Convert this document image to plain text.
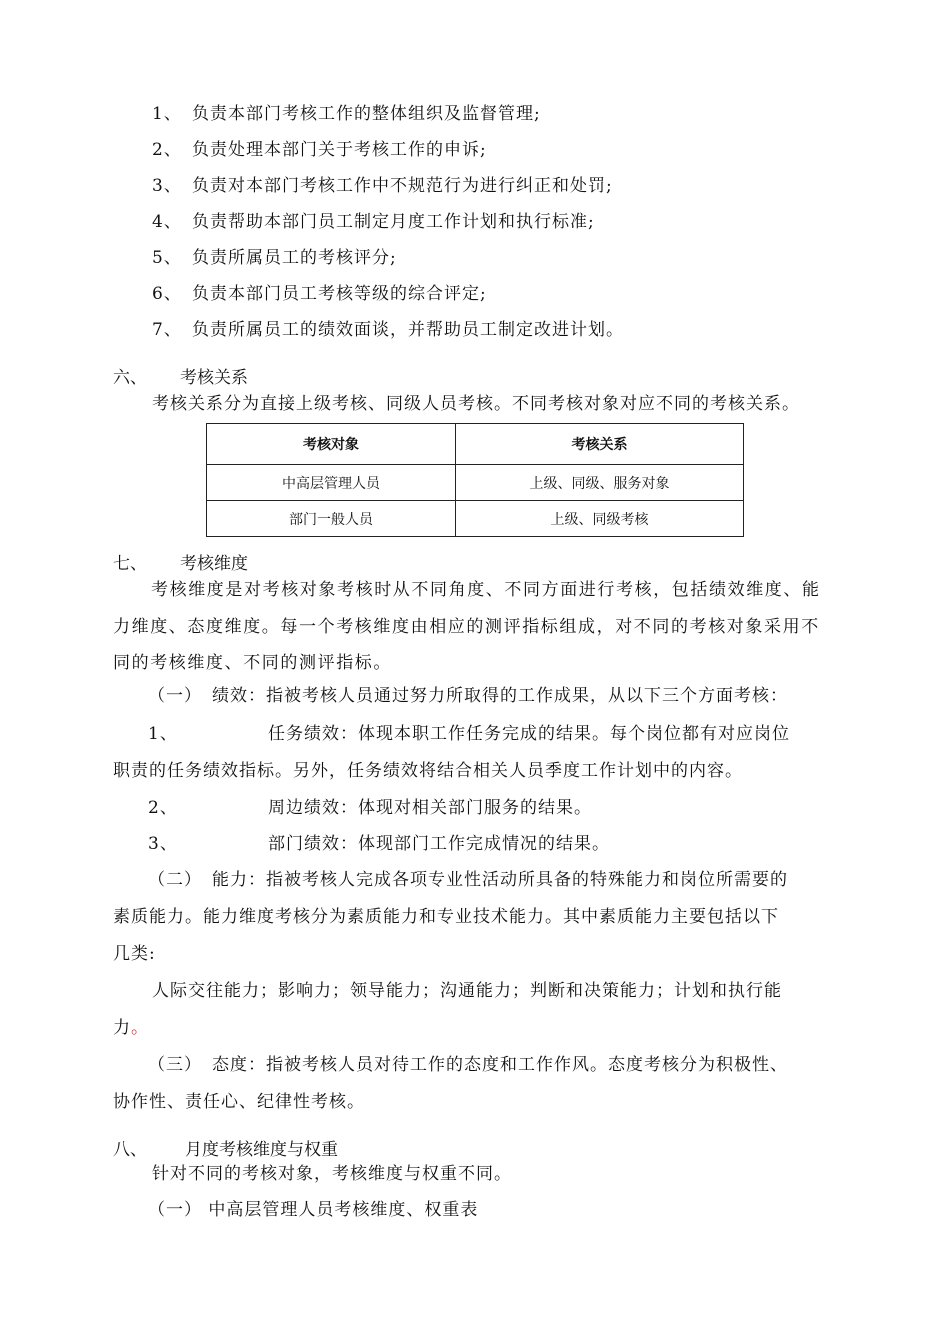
1、 负责本部门考核工作的整体组织及监督管理;
2、 负责处理本部门关于考核工作的申诉;
3、 负责对本部门考核工作中不规范行为进行纠正和处罚;
4、 负责帮助本部门员工制定月度工作计划和执行标准;
5、 负责所属员工的考核评分;
6、 负责本部门员工考核等级的综合评定;
7、 负责所属员工的绩效面谈，并帮助员工制定改进计划。
六、 考核关系
考核关系分为直接上级考核、同级人员考核。不同考核对象对应不同的考核关系。
考核对象	考核关系
中高层管理人员	上级、同级、服务对象
部门一般人员	上级、同级考核
七、 考核维度
考核维度是对考核对象考核时从不同角度、不同方面进行考核，包括绩效维度、能力维度、态度维度。每一个考核维度由相应的测评指标组成，对不同的考核对象采用不同的考核维度、不同的测评指标。
（一） 绩效：指被考核人员通过努力所取得的工作成果，从以下三个方面考核：
1、	任务绩效：体现本职工作任务完成的结果。每个岗位都有对应岗位
职责的任务绩效指标。另外，任务绩效将结合相关人员季度工作计划中的内容。
2、	周边绩效：体现对相关部门服务的结果。
3、	部门绩效：体现部门工作完成情况的结果。
（二） 能力：指被考核人完成各项专业性活动所具备的特殊能力和岗位所需要的
素质能力。能力维度考核分为素质能力和专业技术能力。其中素质能力主要包括以下
几类:
人际交往能力；影响力；领导能力；沟通能力；判断和决策能力；计划和执行能
力。
（三） 态度：指被考核人员对待工作的态度和工作作风。态度考核分为积极性、
协作性、责任心、纪律性考核。
八、 月度考核维度与权重
针对不同的考核对象，考核维度与权重不同。
（一） 中高层管理人员考核维度、权重表
